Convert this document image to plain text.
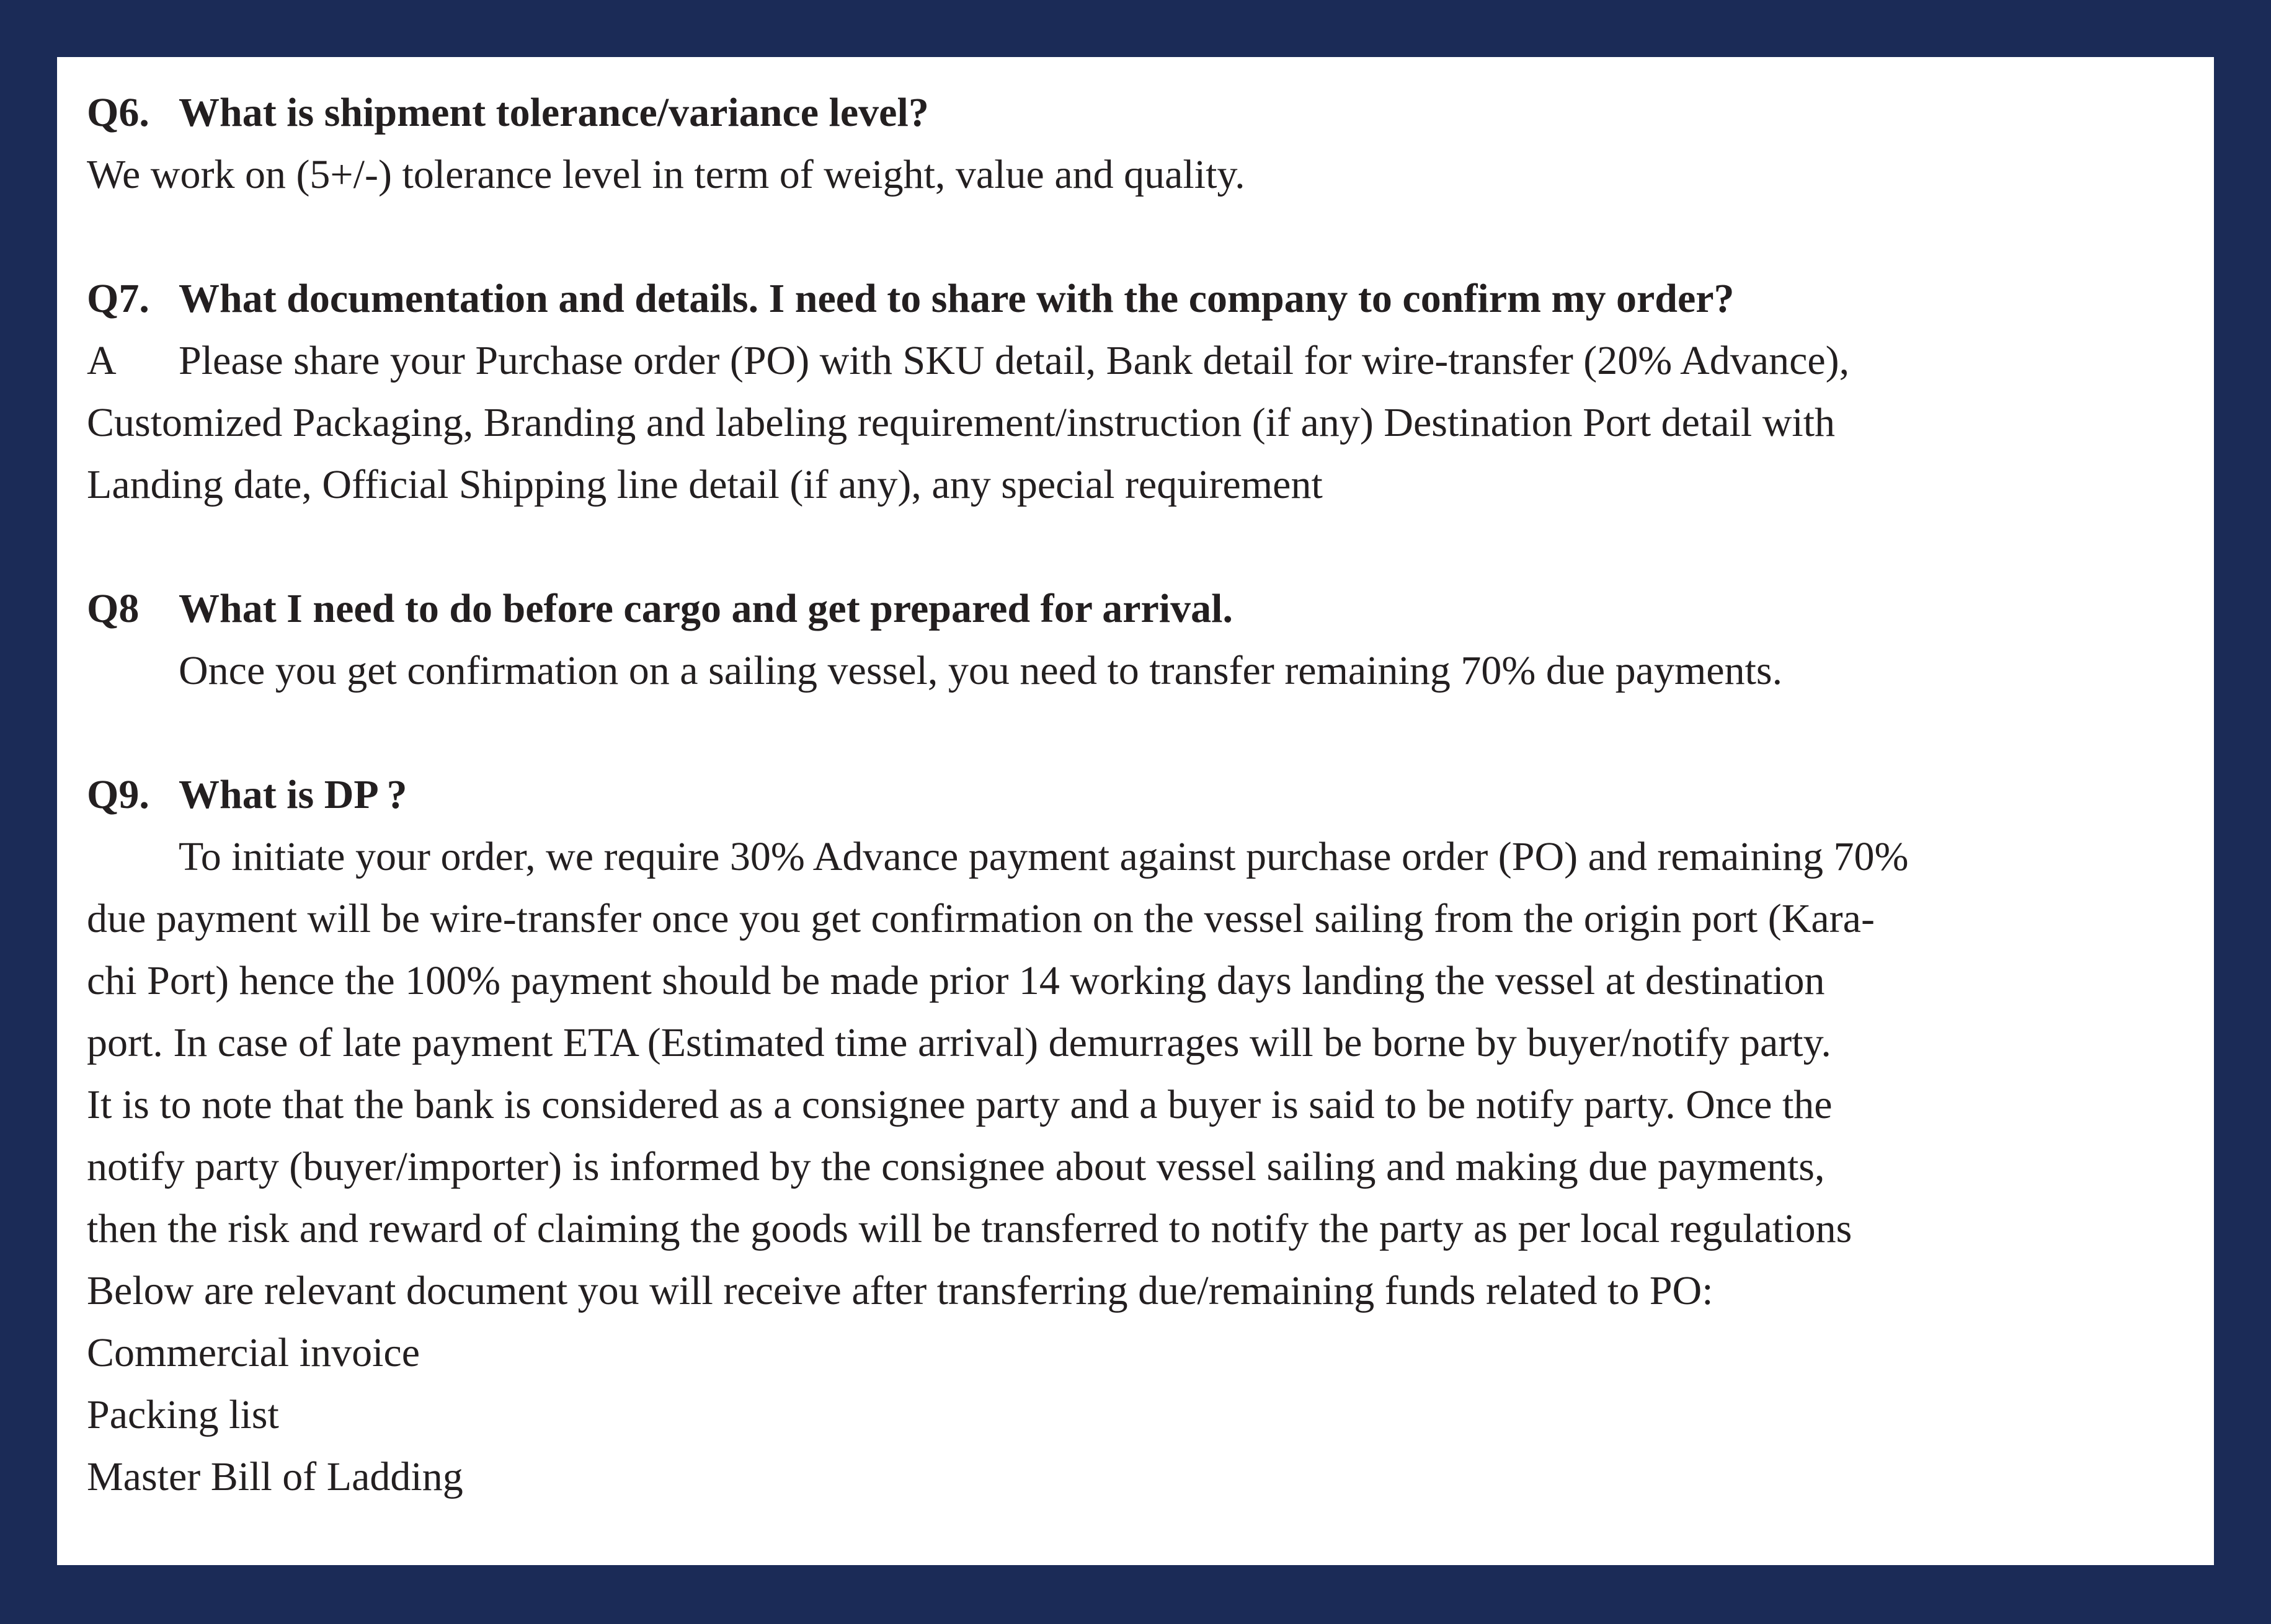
Q6. What is shipment tolerance/variance level?
We work on (5+/-) tolerance level in term of weight, value and quality.
Q7. What documentation and details. I need to share with the company to confirm my order?
A Please share your Purchase order (PO) with SKU detail, Bank detail for wire-transfer (20% Advance),
Customized Packaging, Branding and labeling requirement/instruction (if any) Destination Port detail with
Landing date, Official Shipping line detail (if any), any special requirement
Q8 What I need to do before cargo and get prepared for arrival.
Once you get confirmation on a sailing vessel, you need to transfer remaining 70% due payments.
Q9. What is DP ?
To initiate your order, we require 30% Advance payment against purchase order (PO) and remaining 70%
due payment will be wire-transfer once you get confirmation on the vessel sailing from the origin port (Kara-
chi Port) hence the 100% payment should be made prior 14 working days landing the vessel at destination
port. In case of late payment ETA (Estimated time arrival) demurrages will be borne by buyer/notify party.
It is to note that the bank is considered as a consignee party and a buyer is said to be notify party. Once the
notify party (buyer/importer) is informed by the consignee about vessel sailing and making due payments,
then the risk and reward of claiming the goods will be transferred to notify the party as per local regulations
Below are relevant document you will receive after transferring due/remaining funds related to PO:
Commercial invoice
Packing list
Master Bill of Ladding
